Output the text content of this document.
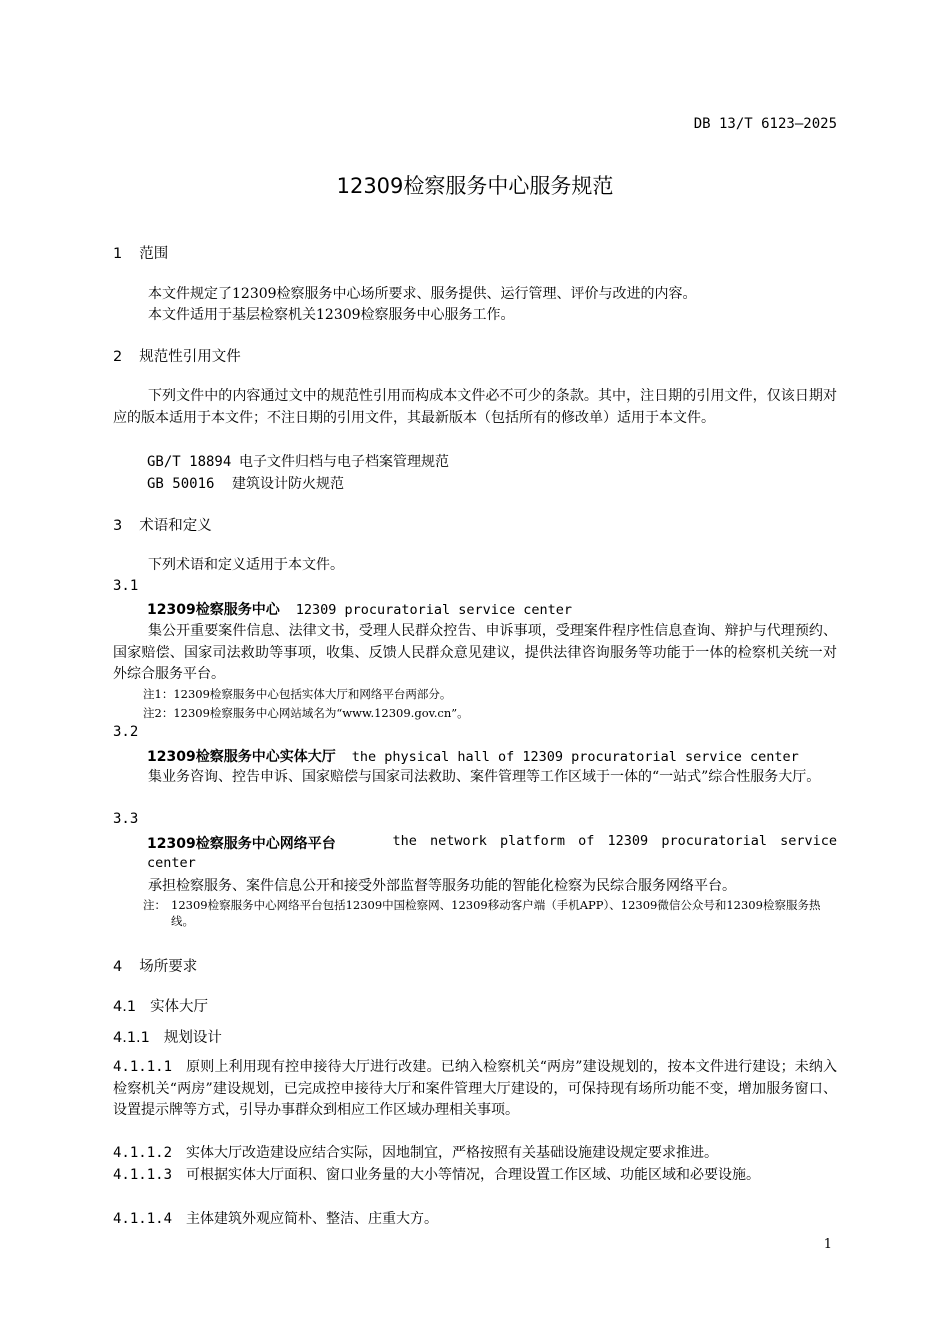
DB 13/T 6123—2025
12309检察服务中心服务规范
1 范围
本文件规定了12309检察服务中心场所要求、服务提供、运行管理、评价与改进的内容。
本文件适用于基层检察机关12309检察服务中心服务工作。
2 规范性引用文件
下列文件中的内容通过文中的规范性引用而构成本文件必不可少的条款。其中，注日期的引用文件，仅该日期对应的版本适用于本文件；不注日期的引用文件，其最新版本（包括所有的修改单）适用于本文件。
GB/T 18894 电子文件归档与电子档案管理规范
GB 50016 建筑设计防火规范
3 术语和定义
下列术语和定义适用于本文件。
3.1
12309检察服务中心 12309 procuratorial service center
集公开重要案件信息、法律文书，受理人民群众控告、申诉事项，受理案件程序性信息查询、辩护与代理预约、国家赔偿、国家司法救助等事项，收集、反馈人民群众意见建议，提供法律咨询服务等功能于一体的检察机关统一对外综合服务平台。
注1：12309检察服务中心包括实体大厅和网络平台两部分。
注2：12309检察服务中心网站域名为“www.12309.gov.cn”。
3.2
12309检察服务中心实体大厅 the physical hall of 12309 procuratorial service center
集业务咨询、控告申诉、国家赔偿与国家司法救助、案件管理等工作区域于一体的“一站式”综合性服务大厅。
3.3
12309检察服务中心网络平台	the network platform of 12309 procuratorial service
center
承担检察服务、案件信息公开和接受外部监督等服务功能的智能化检察为民综合服务网络平台。
注： 12309检察服务中心网络平台包括12309中国检察网、12309移动客户端（手机APP）、12309微信公众号和12309检察服务热线。
4 场所要求
4.1 实体大厅
4.1.1 规划设计
4.1.1.1 原则上利用现有控申接待大厅进行改建。已纳入检察机关“两房”建设规划的，按本文件进行建设；未纳入检察机关“两房”建设规划，已完成控申接待大厅和案件管理大厅建设的，可保持现有场所功能不变，增加服务窗口、设置提示牌等方式，引导办事群众到相应工作区域办理相关事项。
4.1.1.2 实体大厅改造建设应结合实际，因地制宜，严格按照有关基础设施建设规定要求推进。
4.1.1.3 可根据实体大厅面积、窗口业务量的大小等情况，合理设置工作区域、功能区域和必要设施。
4.1.1.4 主体建筑外观应简朴、整洁、庄重大方。
1
